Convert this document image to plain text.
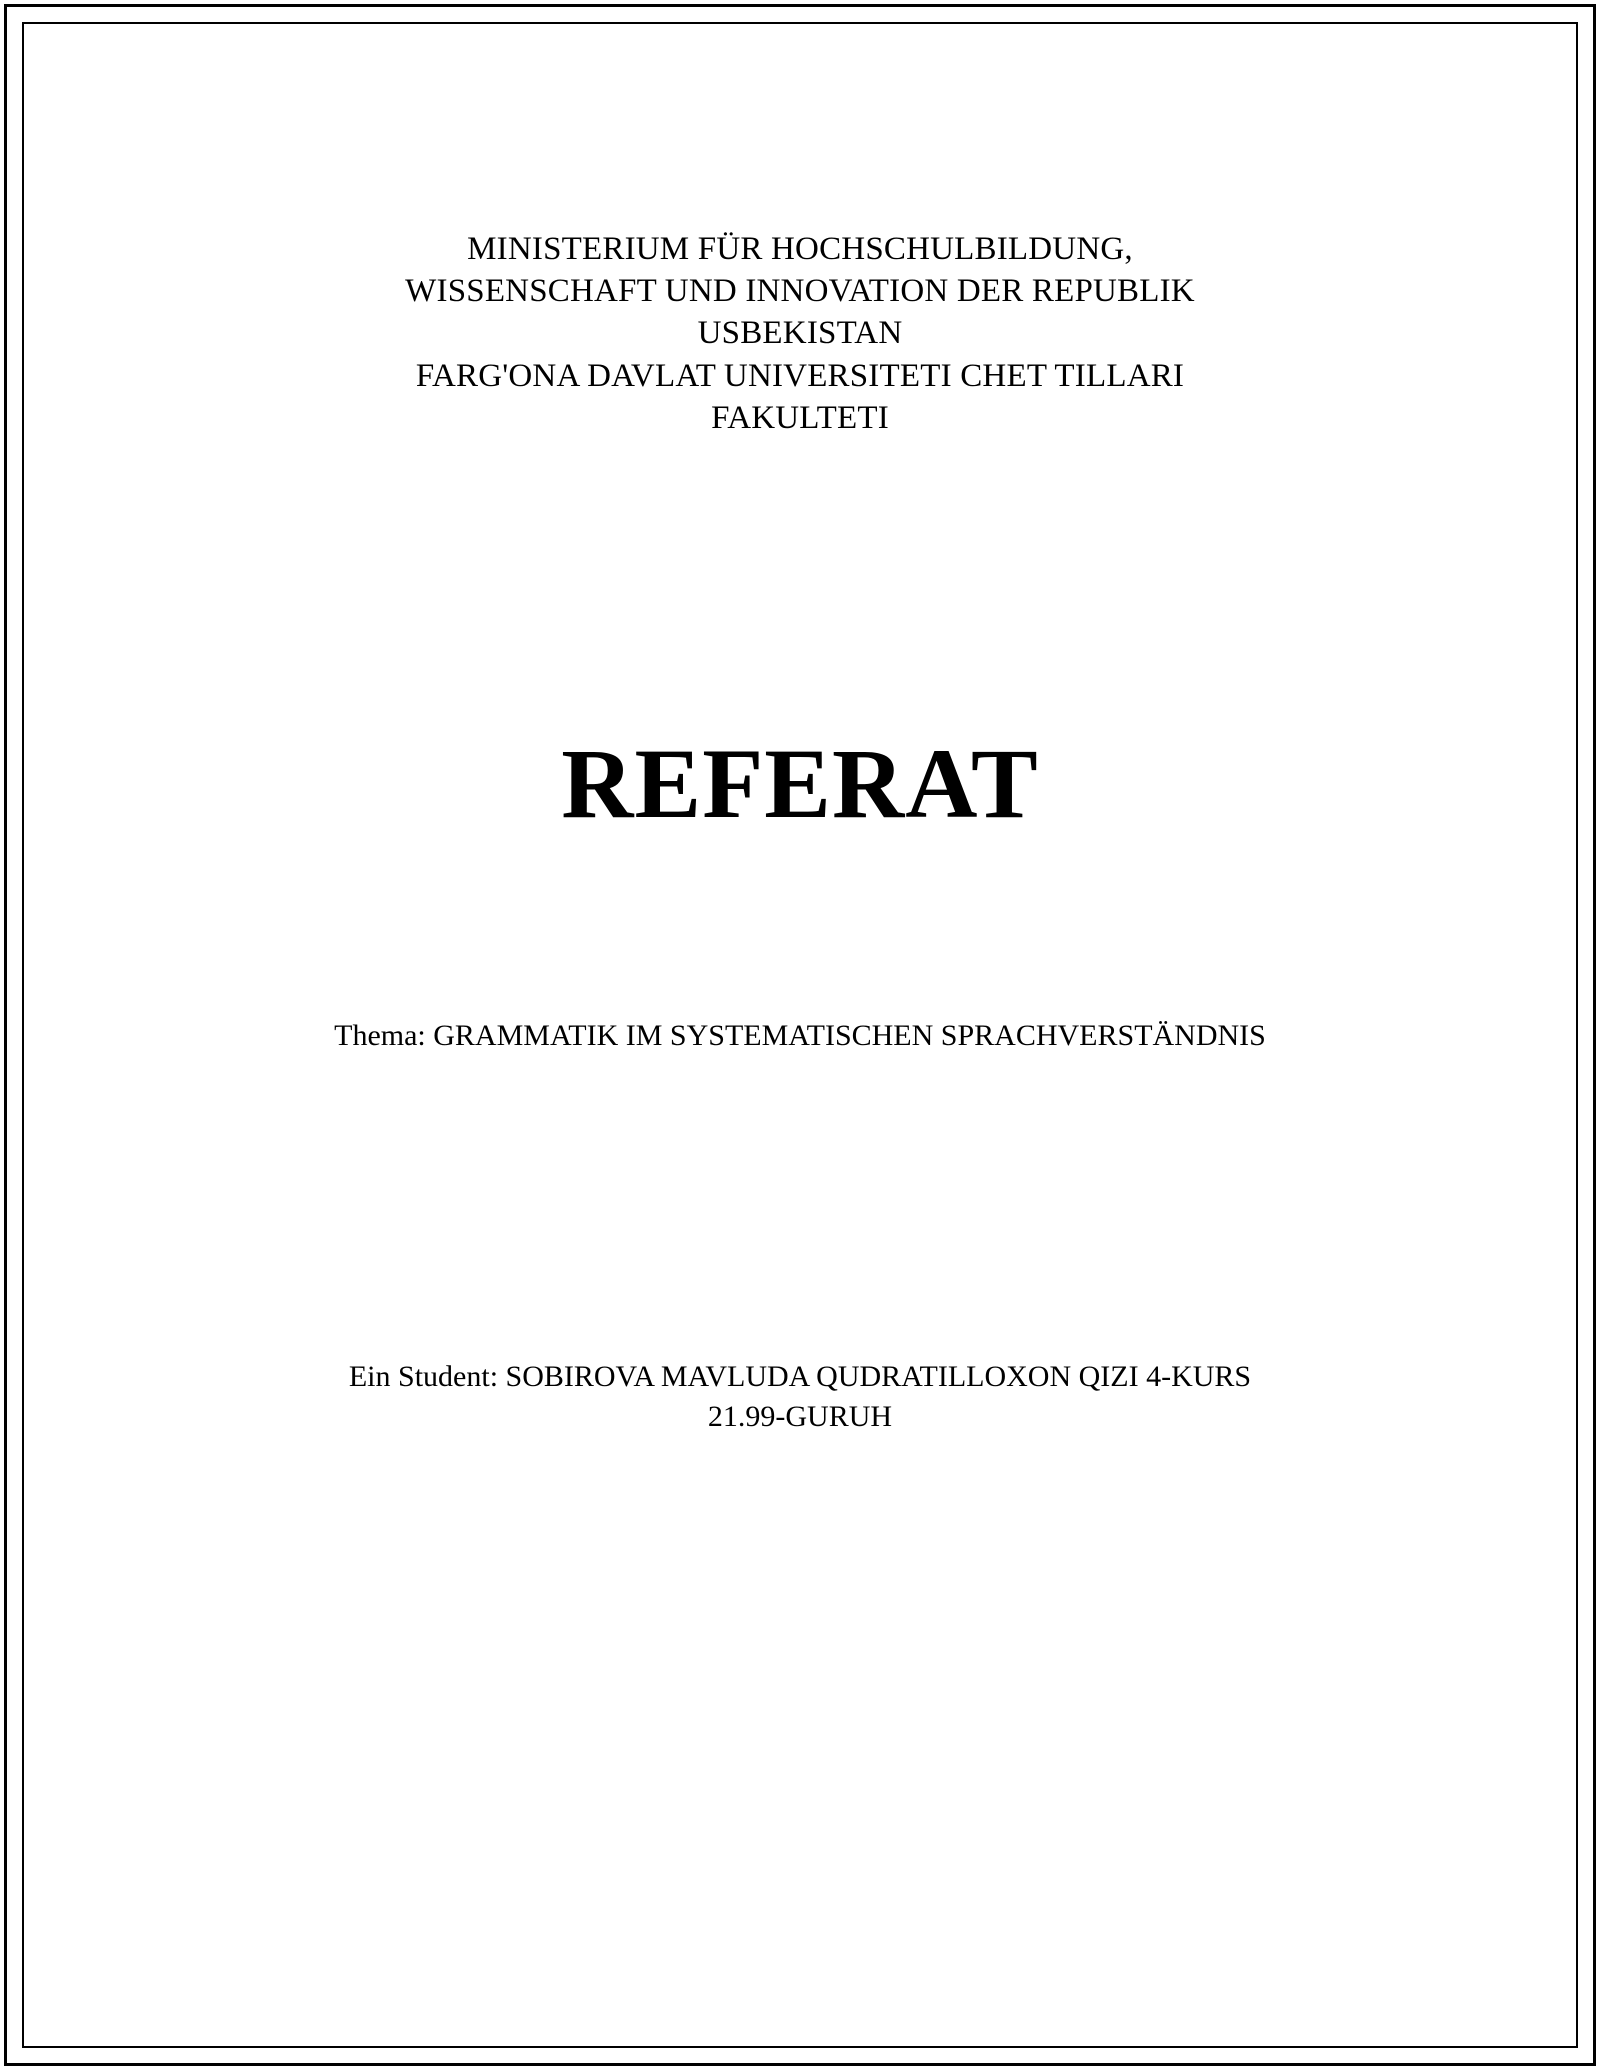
MINISTERIUM FÜR HOCHSCHULBILDUNG,
WISSENSCHAFT UND INNOVATION DER REPUBLIK
USBEKISTAN
FARG'ONA DAVLAT UNIVERSITETI CHET TILLARI
FAKULTETI
REFERAT
Thema: GRAMMATIK IM SYSTEMATISCHEN SPRACHVERSTÄNDNIS
Ein Student: SOBIROVA MAVLUDA QUDRATILLOXON QIZI 4-KURS
21.99-GURUH
